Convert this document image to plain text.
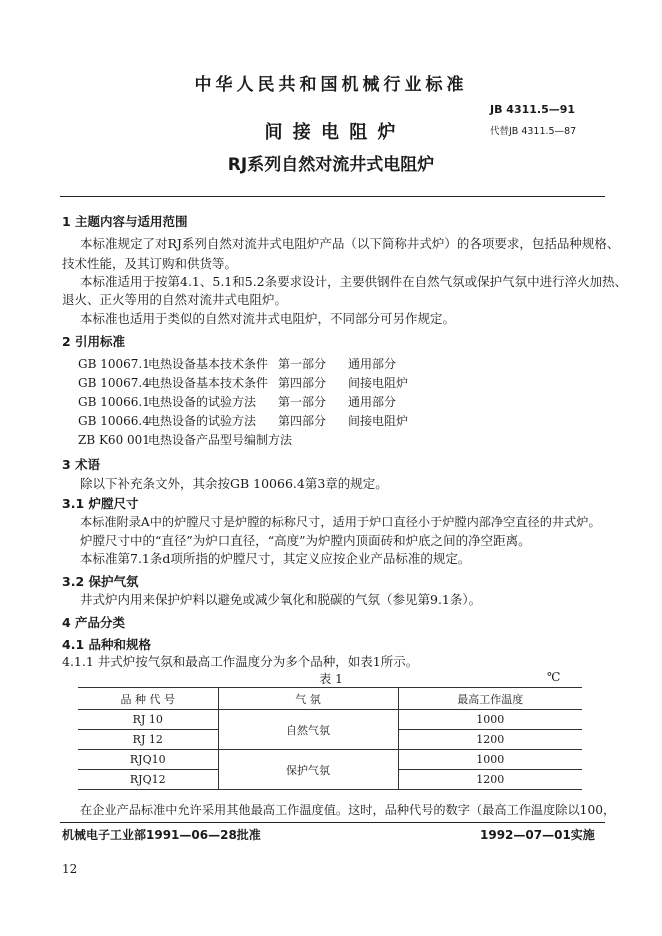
中华人民共和国机械行业标准
JB 4311.5—91
代替JB 4311.5—87
间 接 电 阻 炉
RJ系列自然对流井式电阻炉
1 主题内容与适用范围
本标准规定了对RJ系列自然对流井式电阻炉产品（以下简称井式炉）的各项要求，包括品种规格、
技术性能，及其订购和供货等。
本标准适用于按第4.1、5.1和5.2条要求设计，主要供钢件在自然气氛或保护气氛中进行淬火加热、
退火、正火等用的自然对流井式电阻炉。
本标准也适用于类似的自然对流井式电阻炉，不同部分可另作规定。
2 引用标准
GB 10067.1电热设备基本技术条件 第一部分 通用部分
GB 10067.4电热设备基本技术条件 第四部分 间接电阻炉
GB 10066.1电热设备的试验方法 第一部分 通用部分
GB 10066.4电热设备的试验方法 第四部分 间接电阻炉
ZB K60 001电热设备产品型号编制方法
3 术语
除以下补充条文外，其余按GB 10066.4第3章的规定。
3.1 炉膛尺寸
本标准附录A中的炉膛尺寸是炉膛的标称尺寸，适用于炉口直径小于炉膛内部净空直径的井式炉。
炉膛尺寸中的“直径”为炉口直径，“高度”为炉膛内顶面砖和炉底之间的净空距离。
本标准第7.1条d项所指的炉膛尺寸，其定义应按企业产品标准的规定。
3.2 保护气氛
井式炉内用来保护炉料以避免或减少氧化和脱碳的气氛（参见第9.1条）。
4 产品分类
4.1 品种和规格
4.1.1 井式炉按气氛和最高工作温度分为多个品种，如表1所示。
表 1	℃
品 种 代 号	气 氛	最高工作温度
RJ 10	自然气氛	1000
RJ 12		1200
RJQ10	保护气氛	1000
RJQ12		1200
在企业产品标准中允许采用其他最高工作温度值。这时，品种代号的数字（最高工作温度除以100，
机械电子工业部1991—06—28批准	1992—07—01实施
12
